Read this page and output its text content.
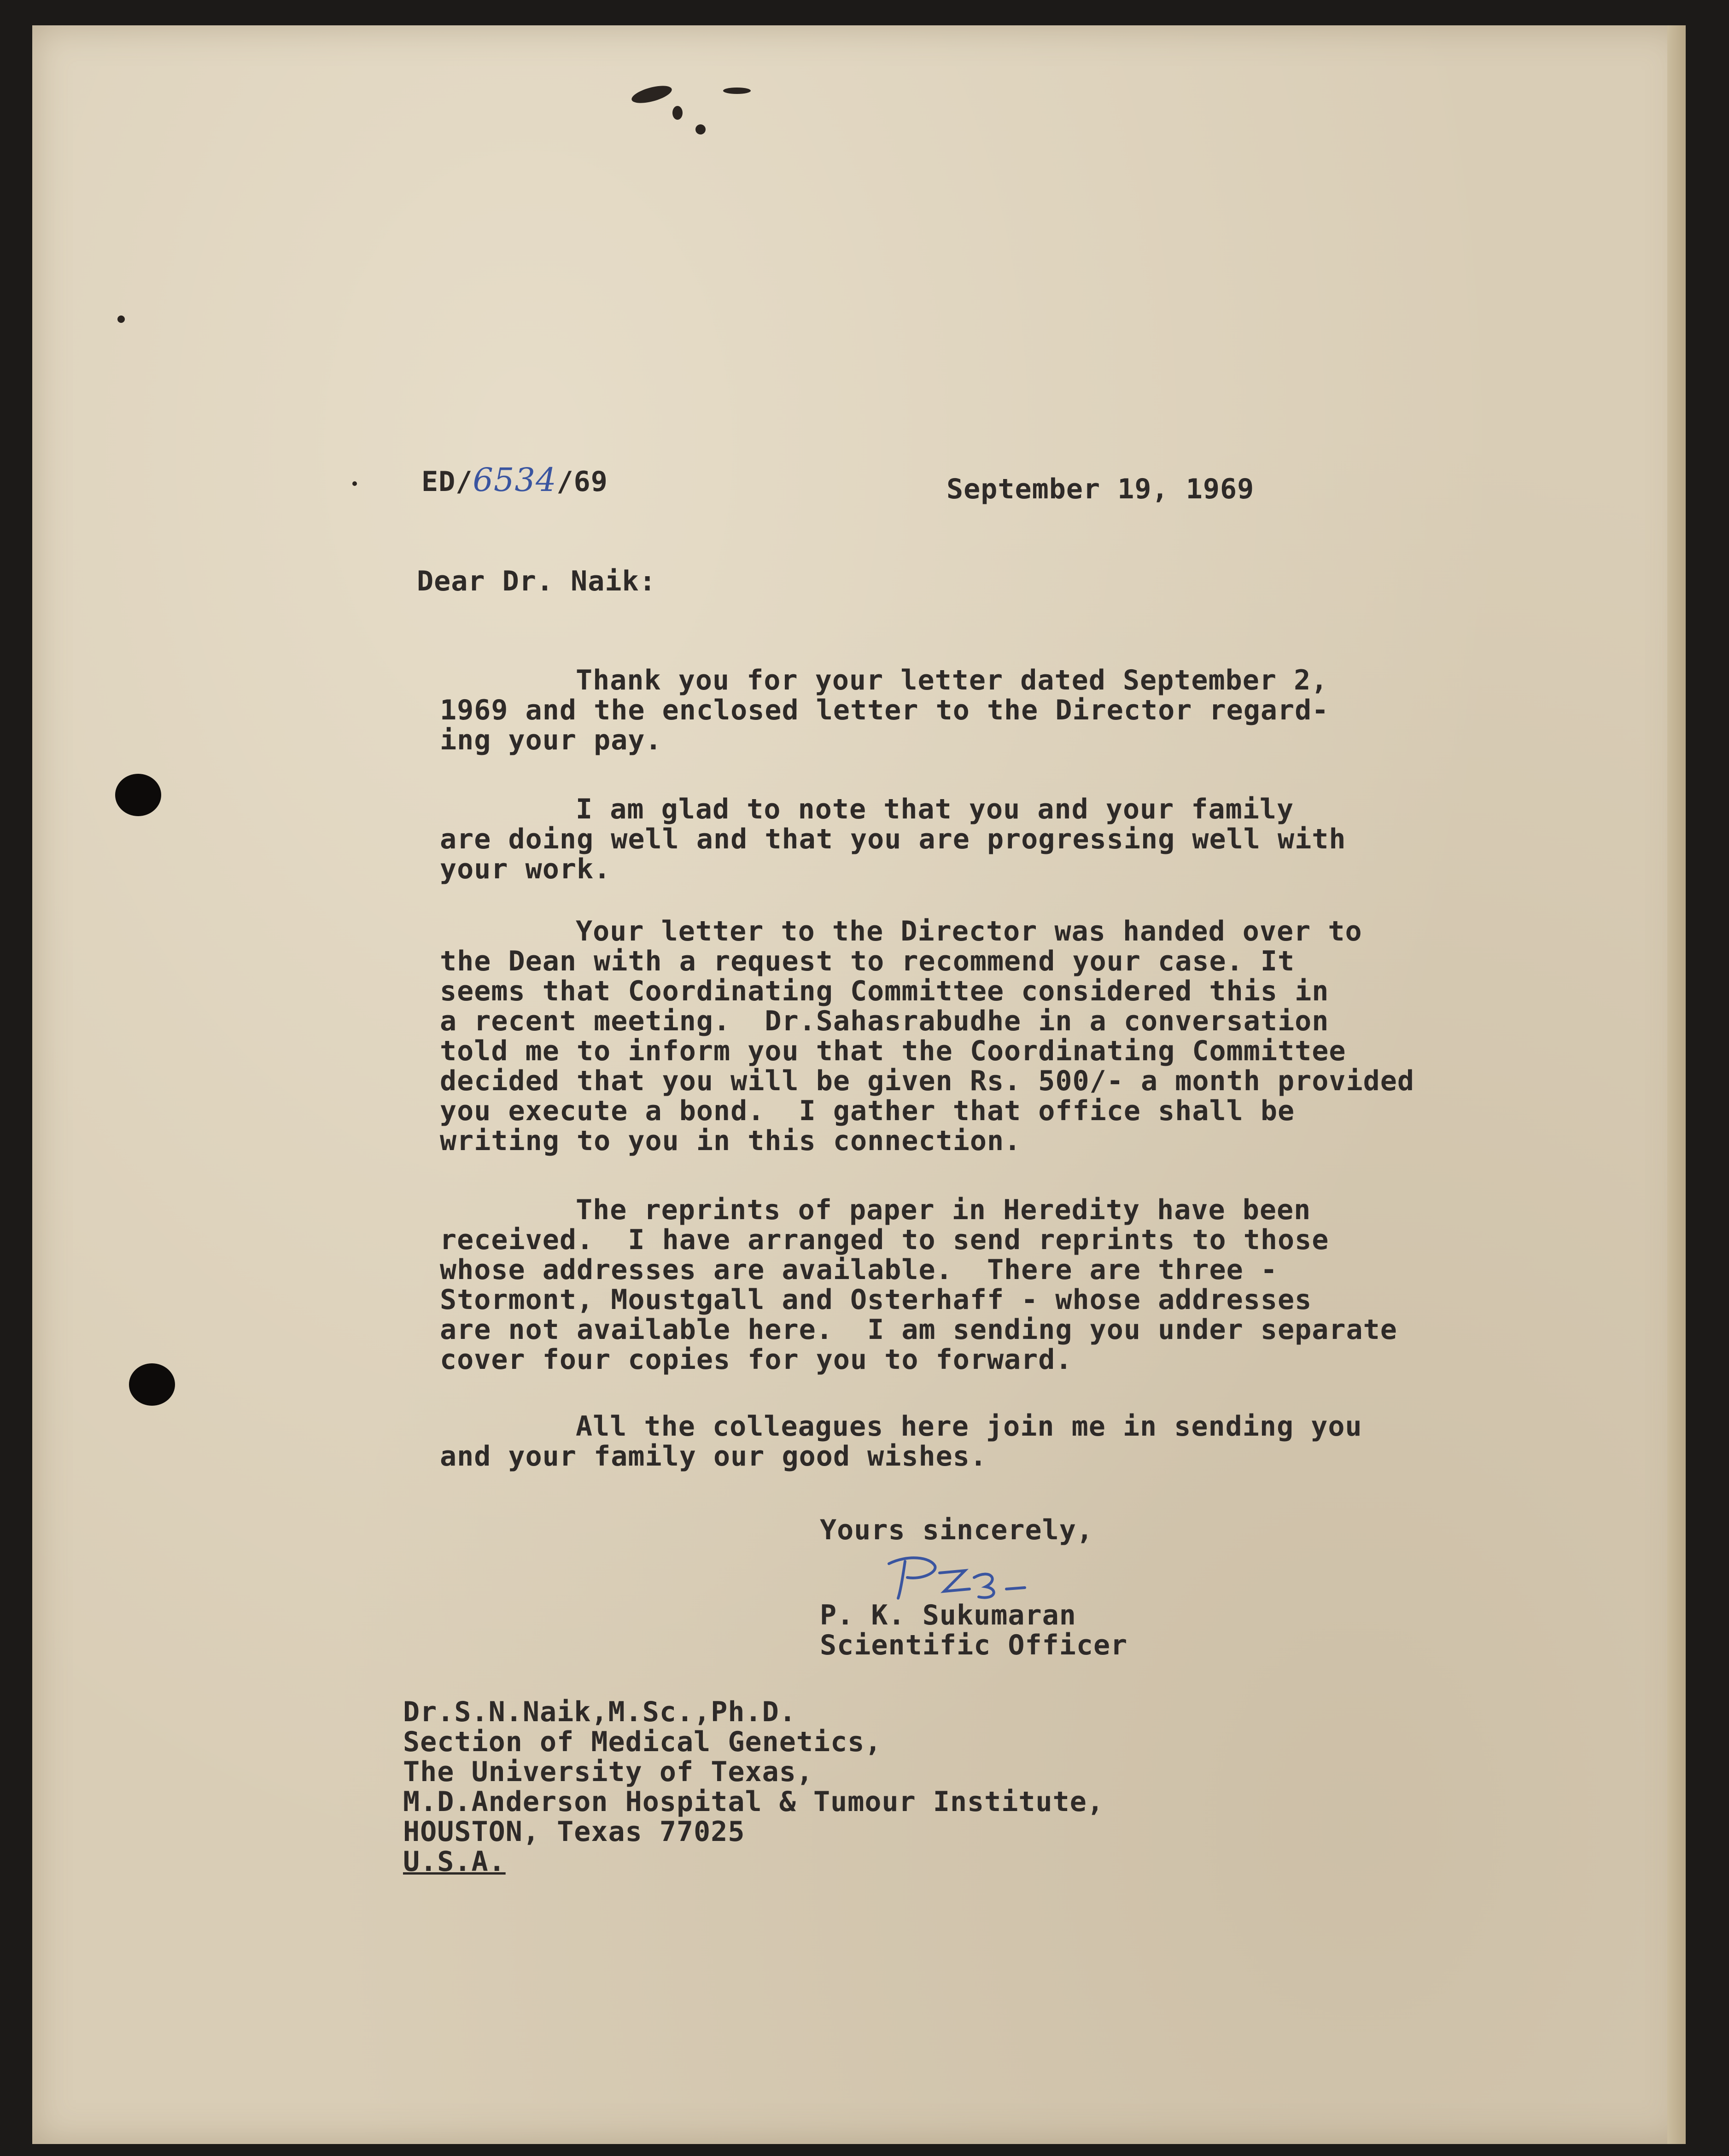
ED/6534/69	September 19, 1969
Dear Dr. Naik:
Thank you for your letter dated September 2,
1969 and the enclosed letter to the Director regard-
ing your pay.
I am glad to note that you and your family
are doing well and that you are progressing well with
your work.
Your letter to the Director was handed over to
the Dean with a request to recommend your case. It
seems that Coordinating Committee considered this in
a recent meeting.  Dr.Sahasrabudhe in a conversation
told me to inform you that the Coordinating Committee
decided that you will be given Rs. 500/- a month provided
you execute a bond.  I gather that office shall be
writing to you in this connection.
The reprints of paper in Heredity have been
received.  I have arranged to send reprints to those
whose addresses are available.  There are three -
Stormont, Moustgall and Osterhaff - whose addresses
are not available here.  I am sending you under separate
cover four copies for you to forward.
All the colleagues here join me in sending you
and your family our good wishes.
Yours sincerely,
P. K. Sukumaran
Scientific Officer
Dr.S.N.Naik,M.Sc.,Ph.D.
Section of Medical Genetics,
The University of Texas,
M.D.Anderson Hospital & Tumour Institute,
HOUSTON, Texas 77025
U.S.A.
